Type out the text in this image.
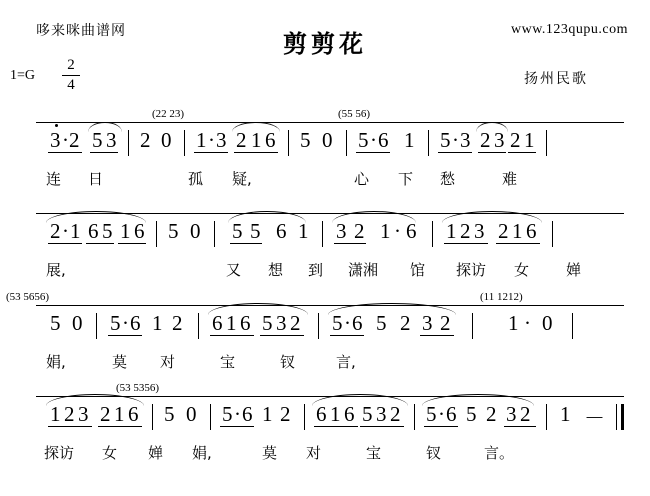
哆来咪曲谱网	www.123qupu.com
剪剪花
扬州民歌
1=G
2
4
(22 23)	(55 56)
3 · 2 5 3 2 0 1 · 3 2 1 6 5 0 5 · 6 1 5 · 3 2 3 2 1
连 日	孤 疑,	心 下 愁	难
2 · 1 6 5 1 6 5 0 5 5 6 1 3 2 1 · 6 1 2 3 2 1 6
展,	又 想 到 潇湘 馆 探访 女 婵
(53 5656)	(11 1212)
5 0 5 · 6 1 2 6 1 6 5 3 2 5 · 6 5 2 3 2	1 · 0
娟,	莫 对	宝	钗	言,
(53 5356)
1 2 3 2 1 6 5 0 5 · 6 1 2 6 1 6 5 3 2 5 · 6 5 2 3 2 1 －
探访 女 婵 娟,	莫 对	宝	钗	言。
